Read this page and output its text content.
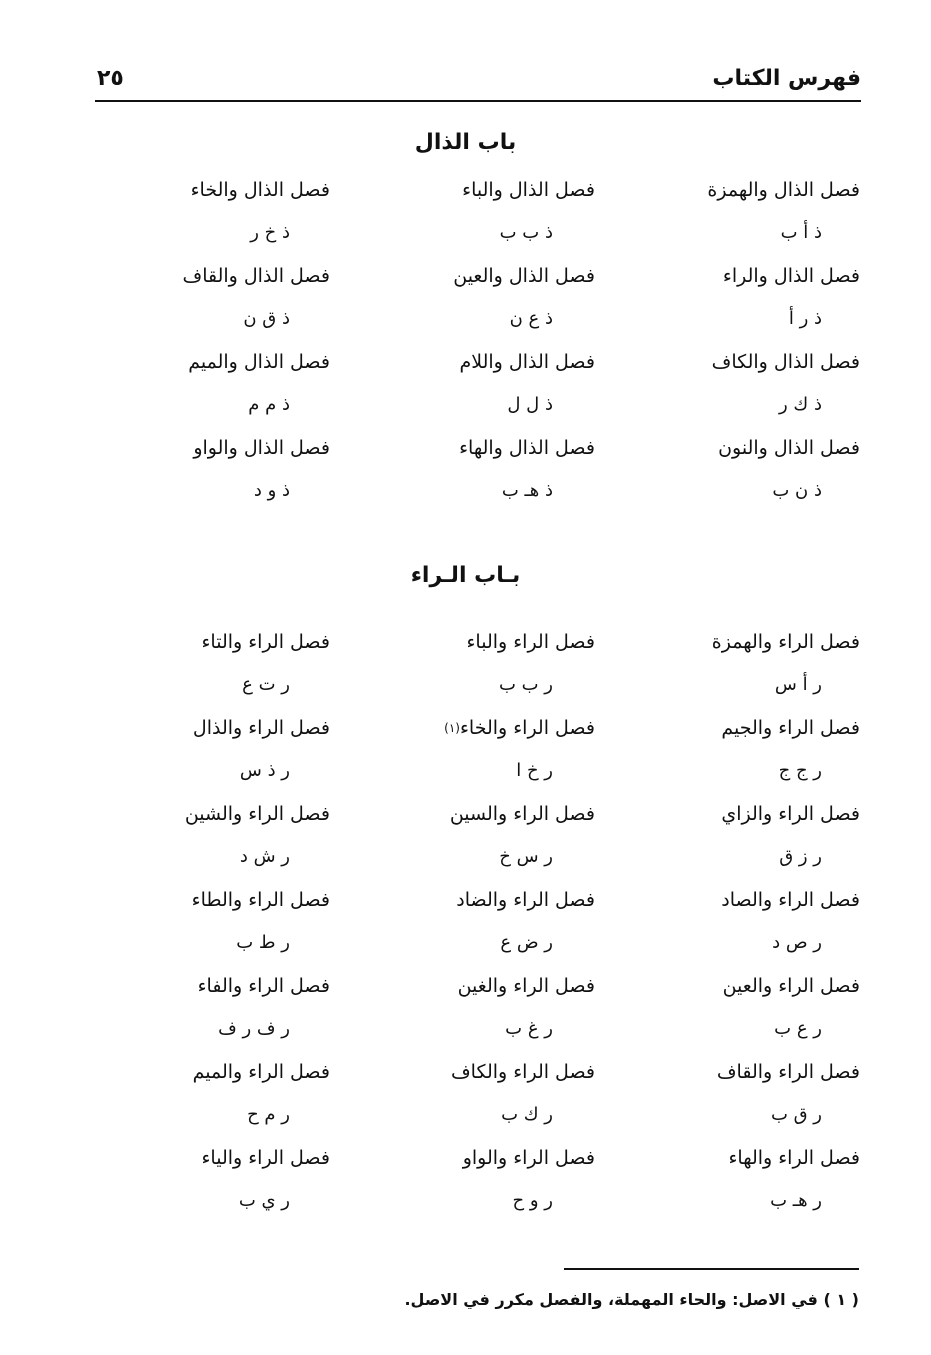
فهرس الكتاب
٢٥
باب الذال
فصل الذال والهمزة
ذ أ ب
فصل الذال والراء
ذ ر أ
فصل الذال والكاف
ذ ك ر
فصل الذال والنون
ذ ن ب
فصل الذال والباء
ذ ب ب
فصل الذال والعين
ذ ع ن
فصل الذال واللام
ذ ل ل
فصل الذال والهاء
ذ هـ ب
فصل الذال والخاء
ذ خ ر
فصل الذال والقاف
ذ ق ن
فصل الذال والميم
ذ م م
فصل الذال والواو
ذ و د
بـاب الـراء
فصل الراء والهمزة
ر أ س
فصل الراء والجيم
ر ج ج
فصل الراء والزاي
ر ز ق
فصل الراء والصاد
ر ص د
فصل الراء والعين
ر ع ب
فصل الراء والقاف
ر ق ب
فصل الراء والهاء
ر هـ ب
فصل الراء والباء
ر ب ب
فصل الراء والخاء
(١)
ر خ ا
فصل الراء والسين
ر س خ
فصل الراء والضاد
ر ض ع
فصل الراء والغين
ر غ ب
فصل الراء والكاف
ر ك ب
فصل الراء والواو
ر و ح
فصل الراء والتاء
ر ت ع
فصل الراء والذال
ر ذ س
فصل الراء والشين
ر ش د
فصل الراء والطاء
ر ط ب
فصل الراء والفاء
ر ف ر ف
فصل الراء والميم
ر م ح
فصل الراء والياء
ر ي ب
( ١ ) في الاصل: والحاء المهملة، والفصل مكرر في الاصل.
